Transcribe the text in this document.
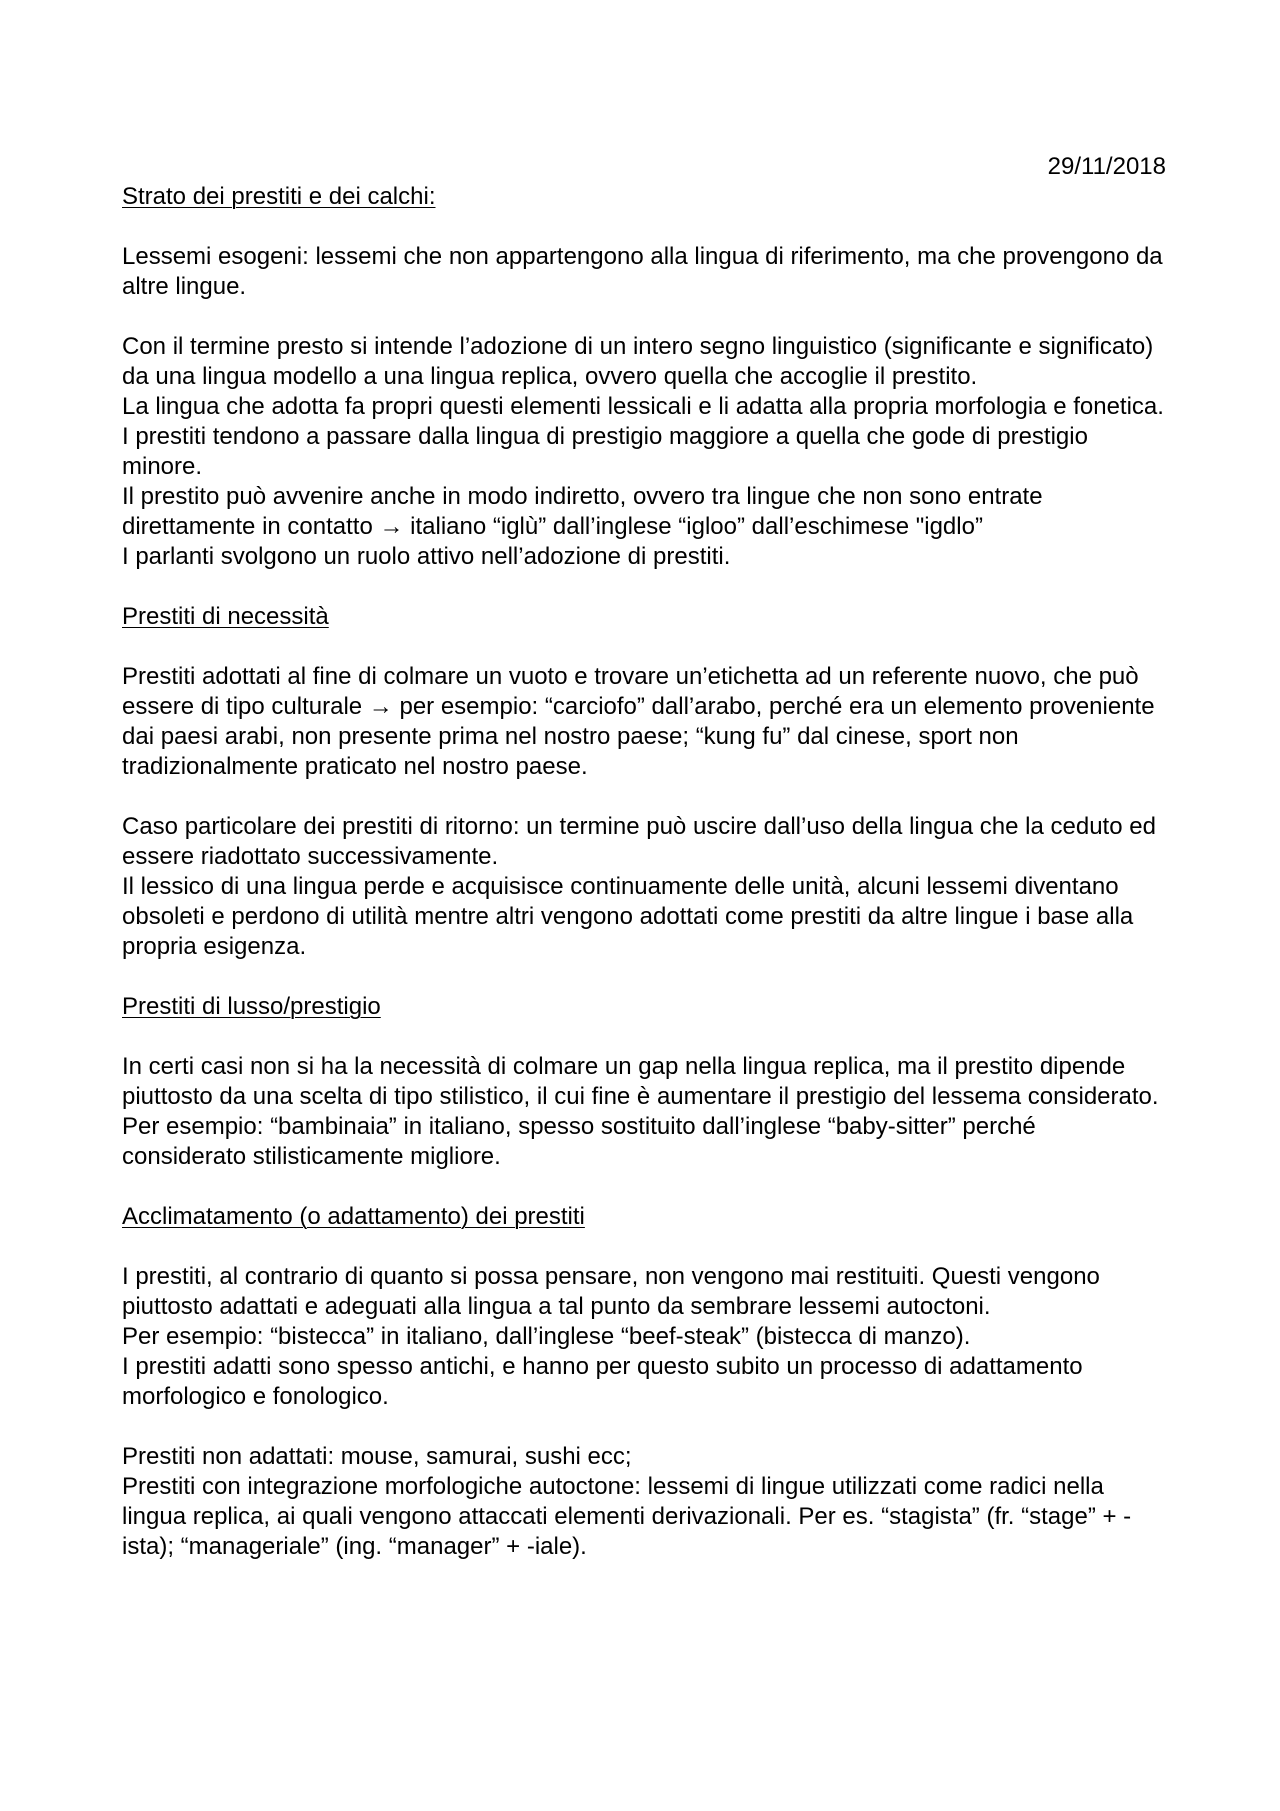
29/11/2018

Strato dei prestiti e dei calchi:

Lessemi esogeni: lessemi che non appartengono alla lingua di riferimento, ma che provengono da altre lingue.

Con il termine presto si intende l’adozione di un intero segno linguistico (significante e significato) da una lingua modello a una lingua replica, ovvero quella che accoglie il prestito.

La lingua che adotta fa propri questi elementi lessicali e li adatta alla propria morfologia e fonetica.

I prestiti tendono a passare dalla lingua di prestigio maggiore a quella che gode di prestigio minore.

Il prestito può avvenire anche in modo indiretto, ovvero tra lingue che non sono entrate direttamente in contatto → italiano “iglù” dall’inglese “igloo” dall’eschimese "igdlo”

I parlanti svolgono un ruolo attivo nell’adozione di prestiti.

Prestiti di necessità

Prestiti adottati al fine di colmare un vuoto e trovare un’etichetta ad un referente nuovo, che può essere di tipo culturale → per esempio: “carciofo” dall’arabo, perché era un elemento proveniente dai paesi arabi, non presente prima nel nostro paese; “kung fu” dal cinese, sport non tradizionalmente praticato nel nostro paese.

Caso particolare dei prestiti di ritorno: un termine può uscire dall’uso della lingua che la ceduto ed essere riadottato successivamente.

Il lessico di una lingua perde e acquisisce continuamente delle unità, alcuni lessemi diventano obsoleti e perdono di utilità mentre altri vengono adottati come prestiti da altre lingue i base alla propria esigenza.

Prestiti di lusso/prestigio

In certi casi non si ha la necessità di colmare un gap nella lingua replica, ma il prestito dipende piuttosto da una scelta di tipo stilistico, il cui fine è aumentare il prestigio del lessema considerato. Per esempio: “bambinaia” in italiano, spesso sostituito dall’inglese “baby-sitter” perché considerato stilisticamente migliore.

Acclimatamento (o adattamento) dei prestiti

I prestiti, al contrario di quanto si possa pensare, non vengono mai restituiti. Questi vengono piuttosto adattati e adeguati alla lingua a tal punto da sembrare lessemi autoctoni.

Per esempio: “bistecca” in italiano, dall’inglese “beef-steak” (bistecca di manzo).

I prestiti adatti sono spesso antichi, e hanno per questo subito un processo di adattamento morfologico e fonologico.

Prestiti non adattati: mouse, samurai, sushi ecc;

Prestiti con integrazione morfologiche autoctone: lessemi di lingue utilizzati come radici nella lingua replica, ai quali vengono attaccati elementi derivazionali. Per es. “stagista” (fr. “stage” + -ista); “manageriale” (ing. “manager” + -iale).
